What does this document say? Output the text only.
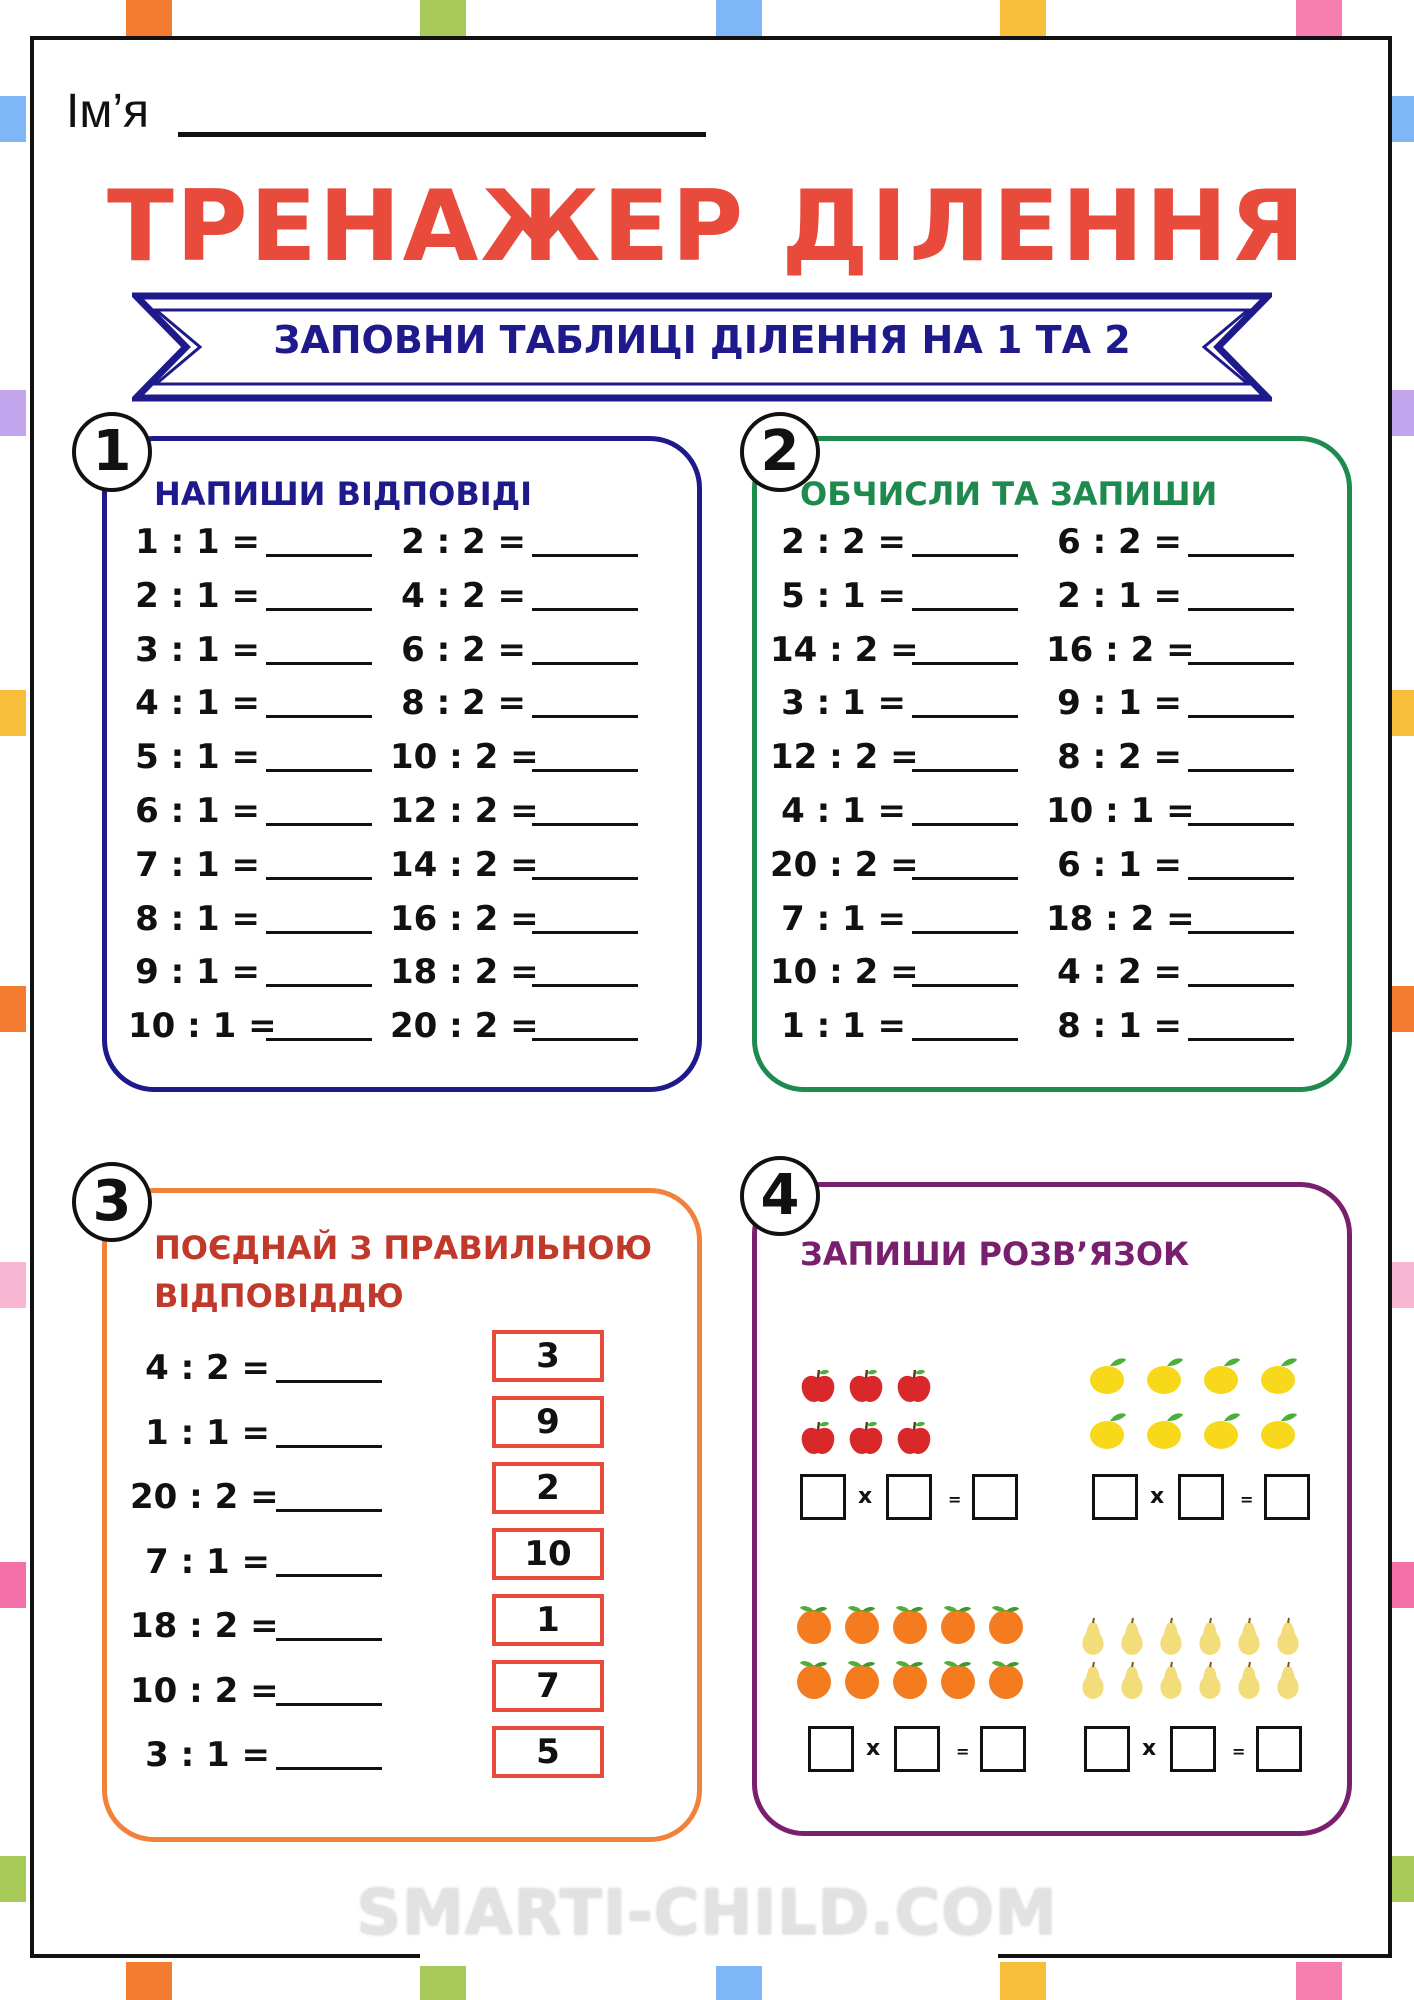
Ім’я
ТРЕНАЖЕР ДІЛЕННЯ
ЗАПОВНИ ТАБЛИЦІ ДІЛЕННЯ НА 1 ТА 2
1
НАПИШИ ВІДПОВІДІ
1 : 1 =
2 : 1 =
3 : 1 =
4 : 1 =
5 : 1 =
6 : 1 =
7 : 1 =
8 : 1 =
9 : 1 =
10 : 1 =
2 : 2 =
4 : 2 =
6 : 2 =
8 : 2 =
10 : 2 =
12 : 2 =
14 : 2 =
16 : 2 =
18 : 2 =
20 : 2 =
2
ОБЧИСЛИ ТА ЗАПИШИ
2 : 2 =
5 : 1 =
14 : 2 =
3 : 1 =
12 : 2 =
4 : 1 =
20 : 2 =
7 : 1 =
10 : 2 =
1 : 1 =
6 : 2 =
2 : 1 =
16 : 2 =
9 : 1 =
8 : 2 =
10 : 1 =
6 : 1 =
18 : 2 =
4 : 2 =
8 : 1 =
3
ПОЄДНАЙ З ПРАВИЛЬНОЮ
ВІДПОВІДДЮ
4 : 2 =
1 : 1 =
20 : 2 =
7 : 1 =
18 : 2 =
10 : 2 =
3 : 1 =
3
9
2
10
1
7
5
4
ЗАПИШИ РОЗВ’ЯЗОК
x	=	x	=
x	=	x	=
SMARTI-CHILD.COM
